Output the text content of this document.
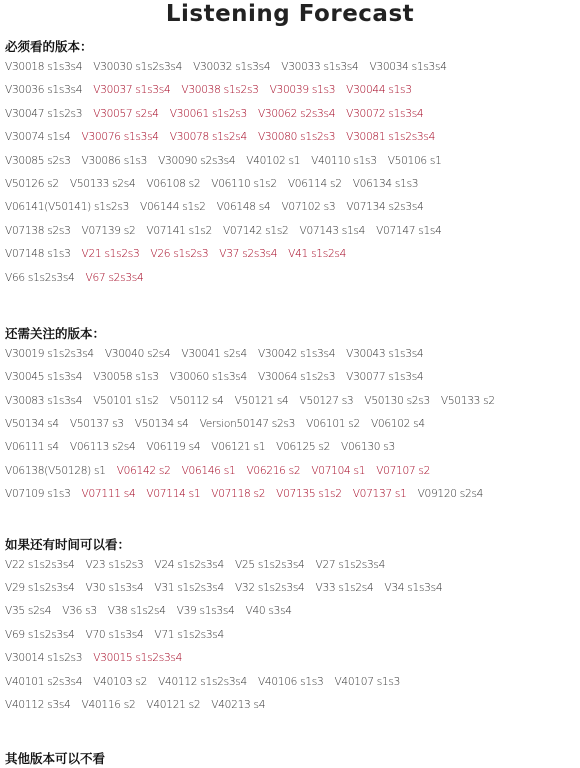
Listening Forecast
必须看的版本：
V30018 s1s3s4 V30030 s1s2s3s4 V30032 s1s3s4 V30033 s1s3s4 V30034 s1s3s4
V30036 s1s3s4 V30037 s1s3s4 V30038 s1s2s3 V30039 s1s3 V30044 s1s3
V30047 s1s2s3 V30057 s2s4 V30061 s1s2s3 V30062 s2s3s4 V30072 s1s3s4
V30074 s1s4 V30076 s1s3s4 V30078 s1s2s4 V30080 s1s2s3 V30081 s1s2s3s4
V30085 s2s3 V30086 s1s3 V30090 s2s3s4 V40102 s1 V40110 s1s3 V50106 s1
V50126 s2 V50133 s2s4 V06108 s2 V06110 s1s2 V06114 s2 V06134 s1s3
V06141(V50141) s1s2s3 V06144 s1s2 V06148 s4 V07102 s3 V07134 s2s3s4
V07138 s2s3 V07139 s2 V07141 s1s2 V07142 s1s2 V07143 s1s4 V07147 s1s4
V07148 s1s3 V21 s1s2s3 V26 s1s2s3 V37 s2s3s4 V41 s1s2s4
V66 s1s2s3s4 V67 s2s3s4
还需关注的版本：
V30019 s1s2s3s4 V30040 s2s4 V30041 s2s4 V30042 s1s3s4 V30043 s1s3s4
V30045 s1s3s4 V30058 s1s3 V30060 s1s3s4 V30064 s1s2s3 V30077 s1s3s4
V30083 s1s3s4 V50101 s1s2 V50112 s4 V50121 s4 V50127 s3 V50130 s2s3 V50133 s2
V50134 s4 V50137 s3 V50134 s4 Version50147 s2s3 V06101 s2 V06102 s4
V06111 s4 V06113 s2s4 V06119 s4 V06121 s1 V06125 s2 V06130 s3
V06138(V50128) s1 V06142 s2 V06146 s1 V06216 s2 V07104 s1 V07107 s2
V07109 s1s3 V07111 s4 V07114 s1 V07118 s2 V07135 s1s2 V07137 s1 V09120 s2s4
如果还有时间可以看：
V22 s1s2s3s4 V23 s1s2s3 V24 s1s2s3s4 V25 s1s2s3s4 V27 s1s2s3s4
V29 s1s2s3s4 V30 s1s3s4 V31 s1s2s3s4 V32 s1s2s3s4 V33 s1s2s4 V34 s1s3s4
V35 s2s4 V36 s3 V38 s1s2s4 V39 s1s3s4 V40 s3s4
V69 s1s2s3s4 V70 s1s3s4 V71 s1s2s3s4
V30014 s1s2s3 V30015 s1s2s3s4
V40101 s2s3s4 V40103 s2 V40112 s1s2s3s4 V40106 s1s3 V40107 s1s3
V40112 s3s4 V40116 s2 V40121 s2 V40213 s4
其他版本可以不看
